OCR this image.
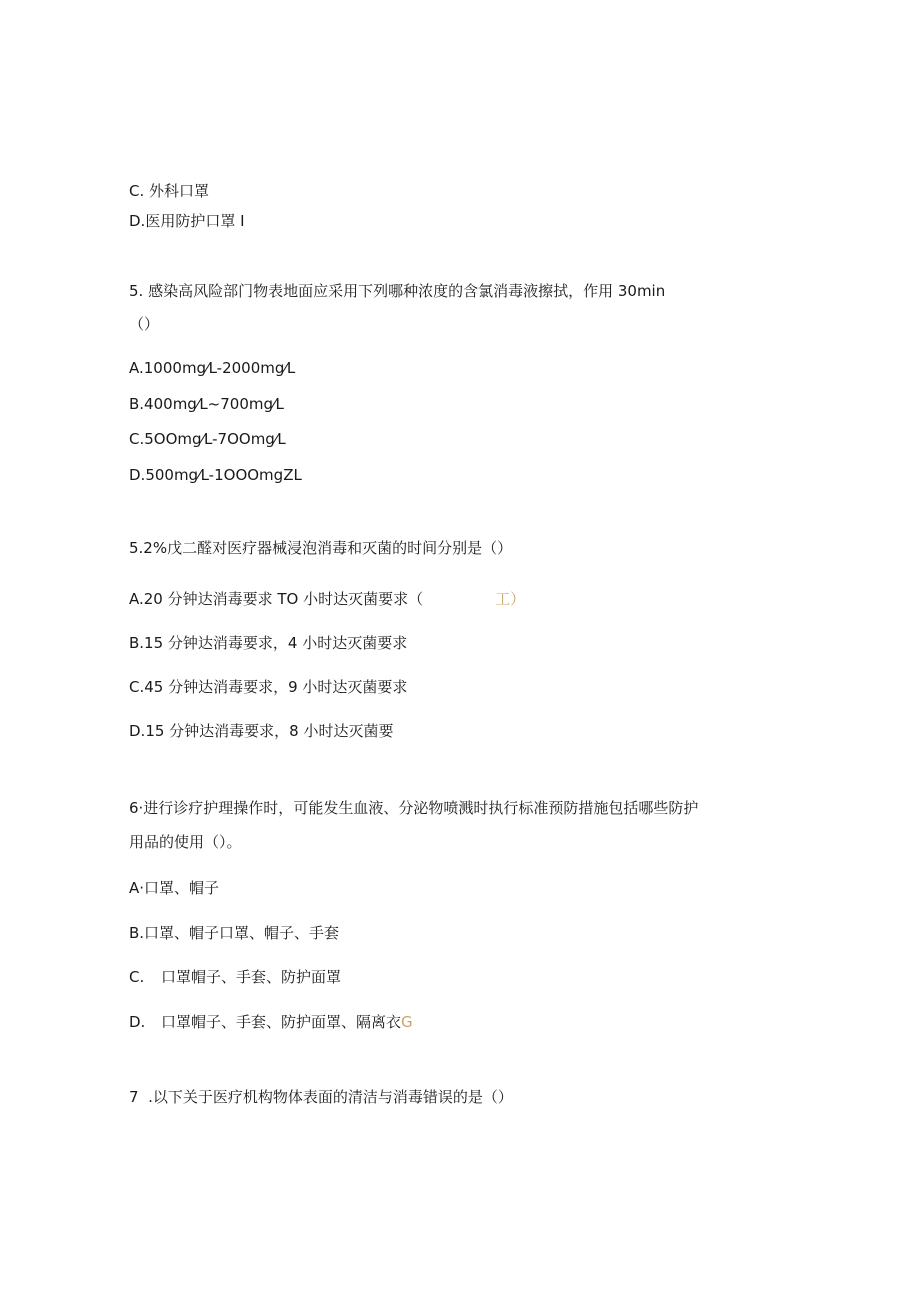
C. 外科口罩
D.医用防护口罩 I
5. 感染高风险部门物表地面应采用下列哪种浓度的含氯消毒液擦拭，作用 30min
（）
A.1000mg⁄L-2000mg⁄L
B.400mg⁄L~700mg⁄L
C.5OOmg⁄L-7OOmg⁄L
D.500mg⁄L-1OOOmgZL
5.2%戊二醛对医疗器械浸泡消毒和灭菌的时间分别是（）
A.20 分钟达消毒要求 TO 小时达灭菌要求（	工）
B.15 分钟达消毒要求，4 小时达灭菌要求
C.45 分钟达消毒要求，9 小时达灭菌要求
D.15 分钟达消毒要求，8 小时达灭菌要
6·进行诊疗护理操作时，可能发生血液、分泌物喷溅时执行标准预防措施包括哪些防护
用品的使用（）。
A·口罩、帽子
B.口罩、帽子口罩、帽子、手套
C. 口罩帽子、手套、防护面罩
D. 口罩帽子、手套、防护面罩、隔离衣G
7  .以下关于医疗机构物体表面的清洁与消毒错误的是（）
